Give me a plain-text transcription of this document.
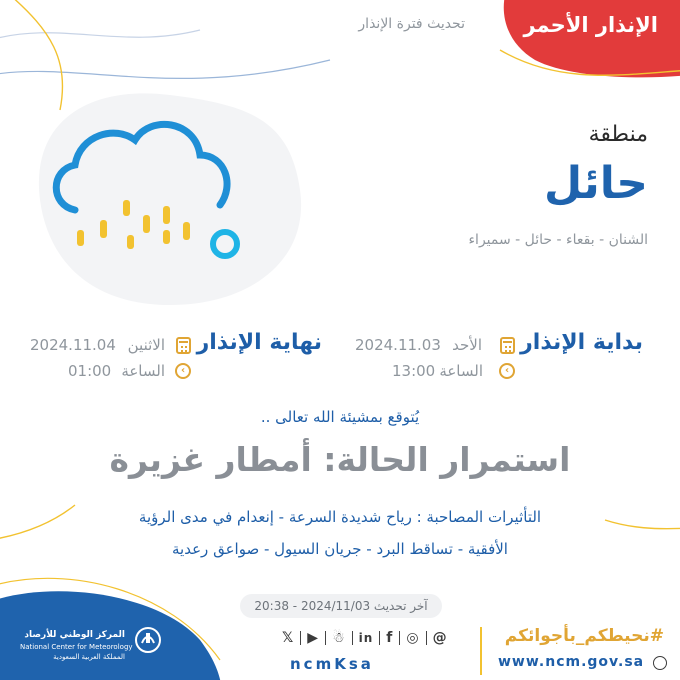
الإنذار الأحمر
تحديث فترة الإنذار
منطقة
حائل
الشنان - بقعاء - حائل - سميراء
بداية الإنذار
الأحد
2024.11.03
‹
الساعة
13:00
نهاية الإنذار
الاثنين
2024.11.04
‹
الساعة
01:00
يُتوقع بمشيئة الله تعالى ..
استمرار الحالة: أمطار غزيرة
التأثيرات المصاحبة : رياح شديدة السرعة - إنعدام في مدى الرؤية
الأفقية - تساقط البرد - جريان السيول - صواعق رعدية
آخر تحديث 2024/11/03 - 20:38
المركز الوطني للأرصاد
National Center for Meteorology
المملكة العربية السعودية
𝕏 ▶ ☃ in f ◎ @
ncmKsa
#نحيطكم_بأجوائكم
www.ncm.gov.sa
